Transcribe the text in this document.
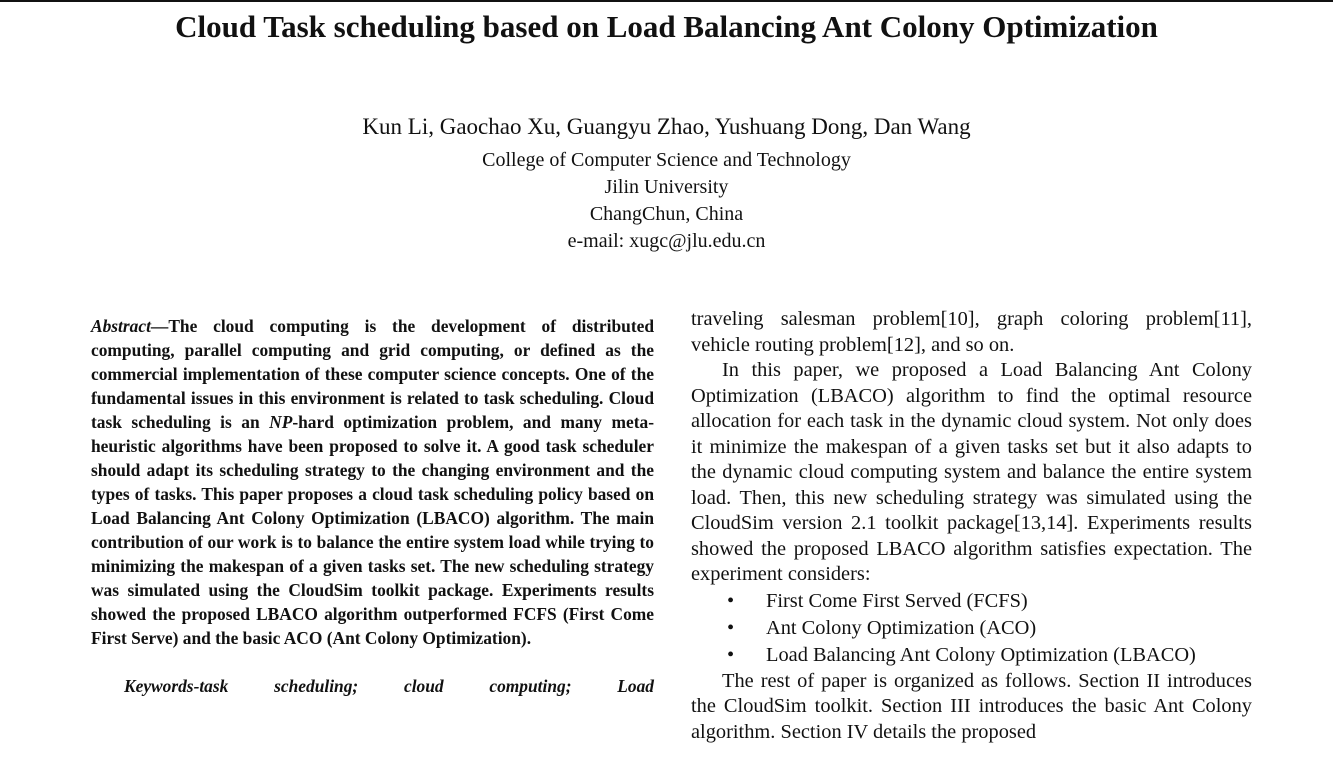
Cloud Task scheduling based on Load Balancing Ant Colony Optimization
Kun Li, Gaochao Xu, Guangyu Zhao, Yushuang Dong, Dan Wang
College of Computer Science and Technology
Jilin University
ChangChun, China
e-mail: xugc@jlu.edu.cn

Abstract—The cloud computing is the development of distributed computing, parallel computing and grid computing, or defined as the commercial implementation of these computer science concepts. One of the fundamental issues in this environment is related to task scheduling. Cloud task scheduling is an NP-hard optimization problem, and many meta-heuristic algorithms have been proposed to solve it. A good task scheduler should adapt its scheduling strategy to the changing environment and the types of tasks. This paper proposes a cloud task scheduling policy based on Load Balancing Ant Colony Optimization (LBACO) algorithm. The main contribution of our work is to balance the entire system load while trying to minimizing the makespan of a given tasks set. The new scheduling strategy was simulated using the CloudSim toolkit package. Experiments results showed the proposed LBACO algorithm outperformed FCFS (First Come First Serve) and the basic ACO (Ant Colony Optimization).

Keywords-task scheduling; cloud computing; Load

traveling salesman problem[10], graph coloring problem[11], vehicle routing problem[12], and so on.

In this paper, we proposed a Load Balancing Ant Colony Optimization (LBACO) algorithm to find the optimal resource allocation for each task in the dynamic cloud system. Not only does it minimize the makespan of a given tasks set but it also adapts to the dynamic cloud computing system and balance the entire system load. Then, this new scheduling strategy was simulated using the CloudSim version 2.1 toolkit package[13,14]. Experiments results showed the proposed LBACO algorithm satisfies expectation. The experiment considers:

• First Come First Served (FCFS)
• Ant Colony Optimization (ACO)
• Load Balancing Ant Colony Optimization (LBACO)

The rest of paper is organized as follows. Section II introduces the CloudSim toolkit. Section III introduces the basic Ant Colony algorithm. Section IV details the proposed
